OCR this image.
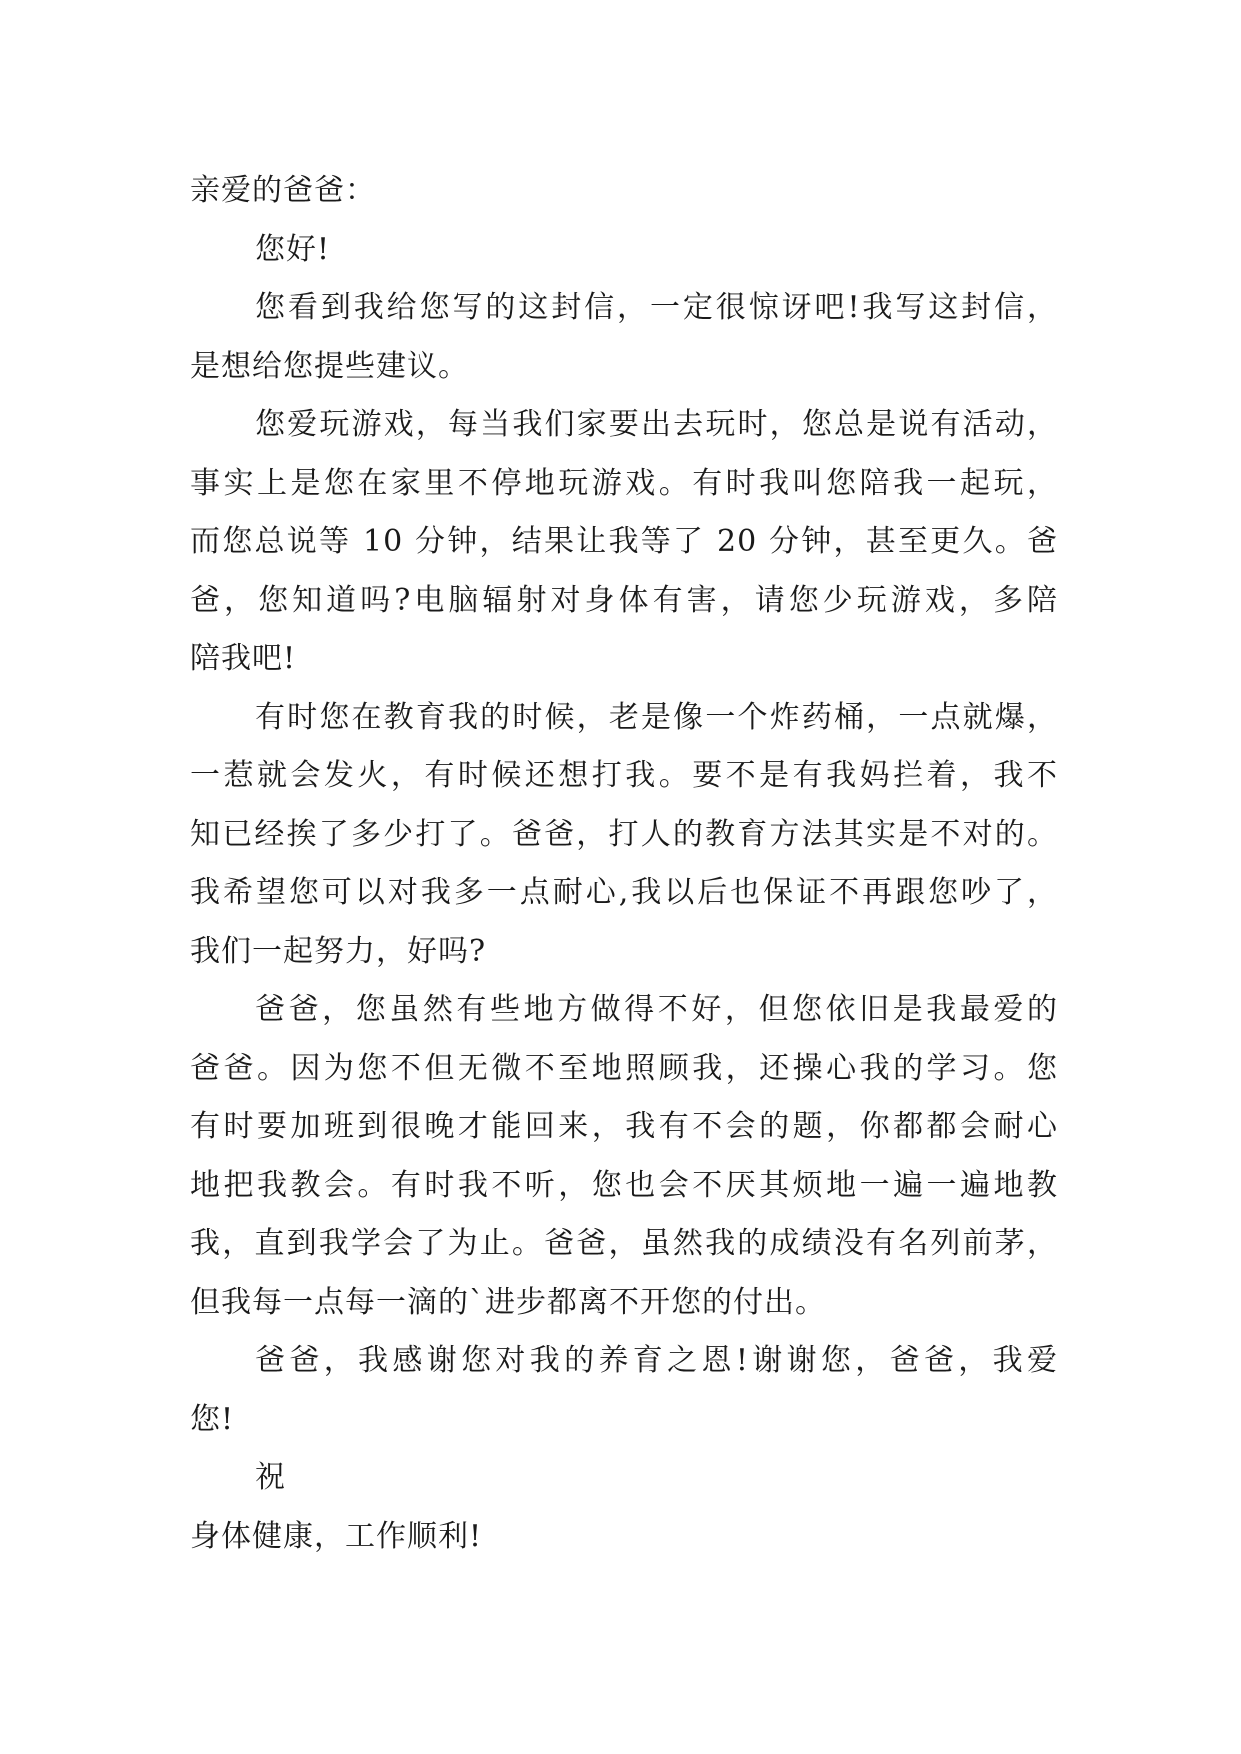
亲爱的爸爸：
您好!
您看到我给您写的这封信，一定很惊讶吧!我写这封信，
是想给您提些建议。
您爱玩游戏，每当我们家要出去玩时，您总是说有活动，
事实上是您在家里不停地玩游戏。有时我叫您陪我一起玩，
而您总说等 10 分钟，结果让我等了 20 分钟，甚至更久。爸
爸，您知道吗?电脑辐射对身体有害，请您少玩游戏，多陪
陪我吧!
有时您在教育我的时候，老是像一个炸药桶，一点就爆，
一惹就会发火，有时候还想打我。要不是有我妈拦着，我不
知已经挨了多少打了。爸爸，打人的教育方法其实是不对的。
我希望您可以对我多一点耐心,我以后也保证不再跟您吵了，
我们一起努力，好吗?
爸爸，您虽然有些地方做得不好，但您依旧是我最爱的
爸爸。因为您不但无微不至地照顾我，还操心我的学习。您
有时要加班到很晚才能回来，我有不会的题，你都都会耐心
地把我教会。有时我不听，您也会不厌其烦地一遍一遍地教
我，直到我学会了为止。爸爸，虽然我的成绩没有名列前茅，
但我每一点每一滴的`进步都离不开您的付出。
爸爸，我感谢您对我的养育之恩!谢谢您，爸爸，我爱
您!
祝
身体健康，工作顺利!
